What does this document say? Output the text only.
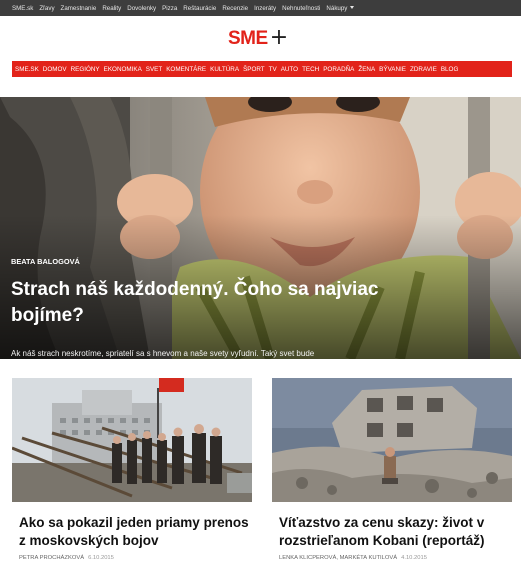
SME.sk Zľavy Zamestnanie Reality Dovolenky Pizza Reštaurácie Recenzie Inzeráty Nehnuteľnosti Nákupy
SME +
SME.SK DOMOV REGIÓNY EKONOMIKA SVET KOMENTÁRE KULTÚRA ŠPORT TV AUTO TECH PORADŇA ŽENA BÝVANIE ZDRAVIE BLOG
BEATA BALOGOVÁ
Strach náš každodenný. Čoho sa najviac bojíme?
Ak náš strach neskrotíme, spriatelí sa s hnevom a naše svety vyľudní. Taký svet bude
Ako sa pokazil jeden priamy prenos z moskovských bojov
PETRA PROCHÁZKOVÁ 6.10.2015
Víťazstvo za cenu skazy: život v rozstrieľanom Kobani (reportáž)
LENKA KLICPEROVÁ, MARKÉTA KUTILOVÁ 4.10.2015
